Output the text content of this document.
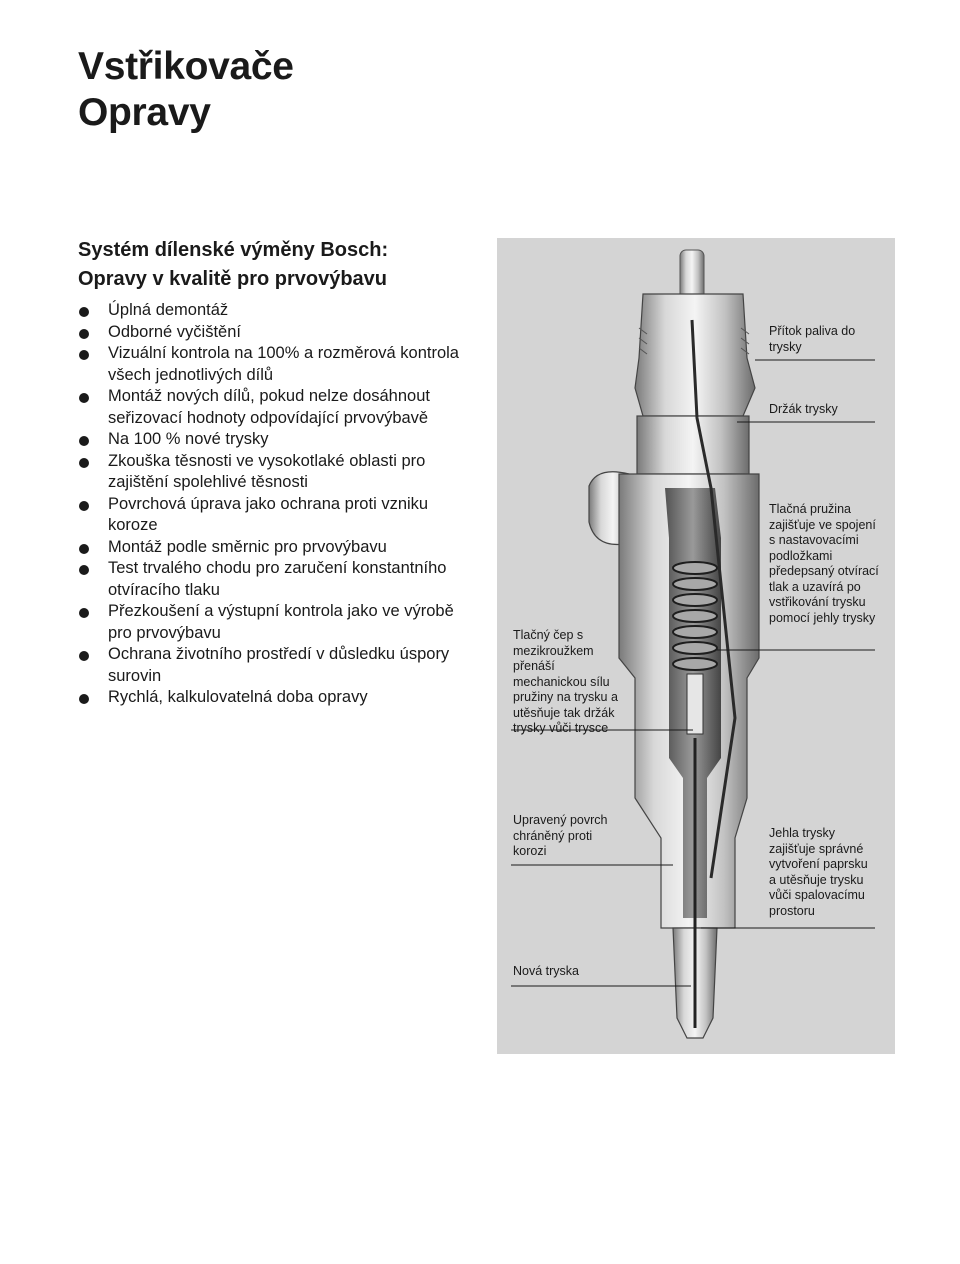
Vstřikovače
Opravy
Systém dílenské výměny Bosch:
Opravy v kvalitě pro prvovýbavu
Úplná demontáž
Odborné vyčištění
Vizuální kontrola na 100% a rozměrová kontrola všech jednotlivých dílů
Montáž nových dílů, pokud nelze dosáhnout seřizovací hodnoty odpovídající prvovýbavě
Na 100 % nové trysky
Zkouška těsnosti ve vysokotlaké oblasti pro zajištění spolehlivé těsnosti
Povrchová úprava jako ochrana proti vzniku koroze
Montáž podle směrnic pro prvovýbavu
Test trvalého chodu pro zaručení konstantního otvíracího tlaku
Přezkoušení a výstupní kontrola jako ve výrobě pro prvovýbavu
Ochrana životního prostředí v důsledku úspory surovin
Rychlá, kalkulovatelná doba opravy
Přítok paliva do trysky
Držák trysky
Tlačná pružina zajišťuje ve spojení s nastavovacími podložkami předepsaný otvírací tlak a uzavírá po vstřikování trysku pomocí jehly trysky
Tlačný čep s mezikroužkem přenáší mechanickou sílu pružiny na trysku a utěsňuje tak držák trysky vůči trysce
Upravený povrch chráněný proti korozi
Jehla trysky zajišťuje správné vytvoření paprsku a utěsňuje trysku vůči spalovacímu prostoru
Nová tryska
